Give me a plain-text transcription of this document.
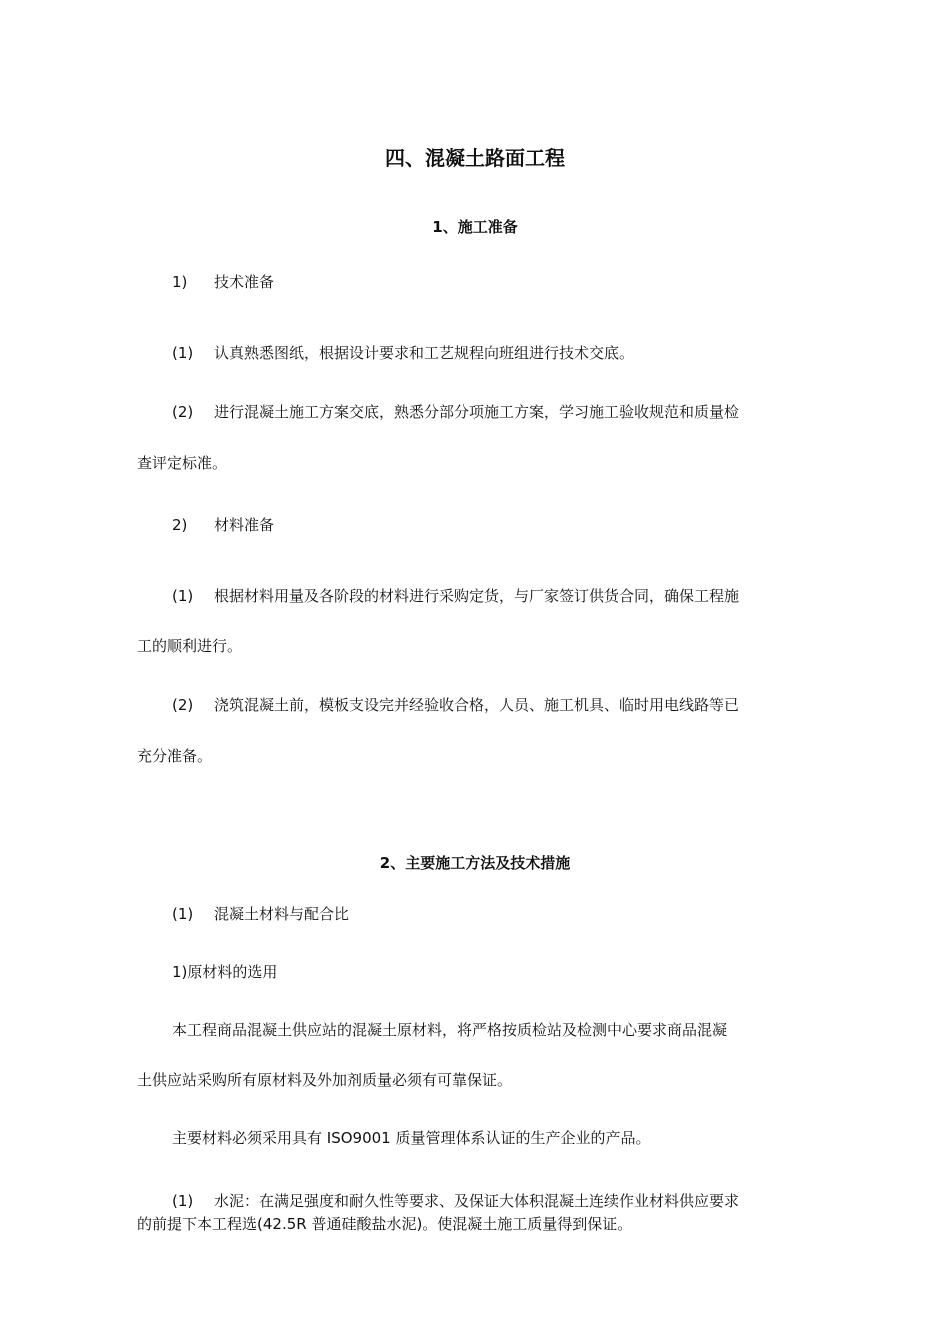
四、混凝土路面工程
1、施工准备

1) 技术准备

(1) 认真熟悉图纸，根据设计要求和工艺规程向班组进行技术交底。

(2) 进行混凝土施工方案交底，熟悉分部分项施工方案，学习施工验收规范和质量检

查评定标准。

2) 材料准备

(1) 根据材料用量及各阶段的材料进行采购定货，与厂家签订供货合同，确保工程施

工的顺利进行。

(2) 浇筑混凝土前，模板支设完并经验收合格，人员、施工机具、临时用电线路等已

充分准备。

2、主要施工方法及技术措施

(1) 混凝土材料与配合比

1)原材料的选用

本工程商品混凝土供应站的混凝土原材料，将严格按质检站及检测中心要求商品混凝

土供应站采购所有原材料及外加剂质量必须有可靠保证。

主要材料必须采用具有 ISO9001 质量管理体系认证的生产企业的产品。

(1) 水泥：在满足强度和耐久性等要求、及保证大体积混凝土连续作业材料供应要求

的前提下本工程选(42.5R 普通硅酸盐水泥)。使混凝土施工质量得到保证。
